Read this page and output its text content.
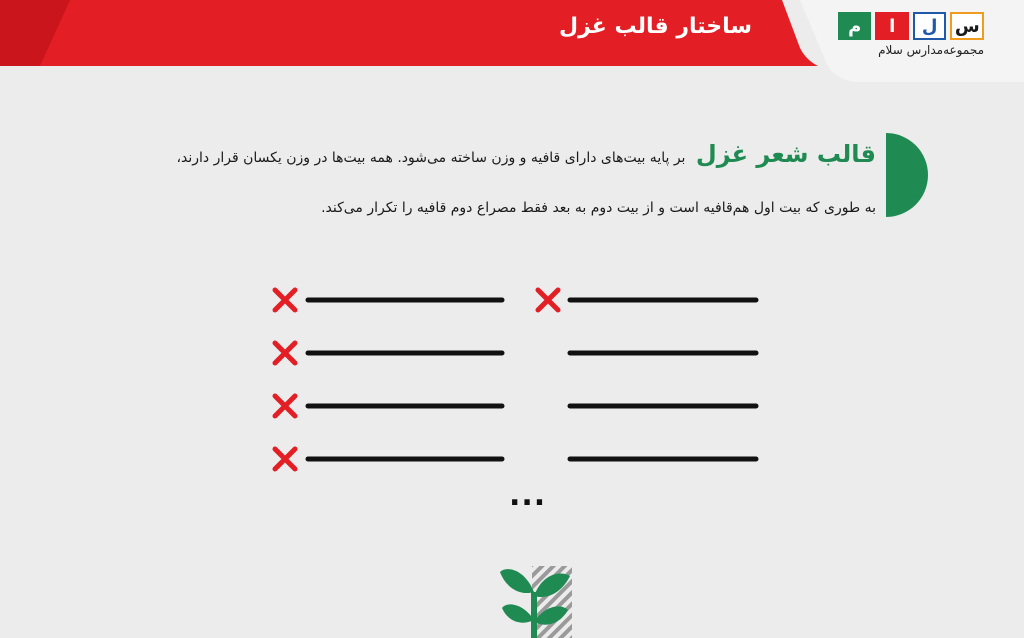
ساختار قالب غزل	م	ا	ل س
مجموعه‌مدارس سلام
قالب شعر غزل بر پایه بیت‌های دارای قافیه و وزن ساخته می‌شود. همه بیت‌ها در وزن یکسان قرار دارند،
به طوری که بیت اول هم‌قافیه است و از بیت دوم به بعد فقط مصراع دوم قافیه را تکرار می‌کند.
...
